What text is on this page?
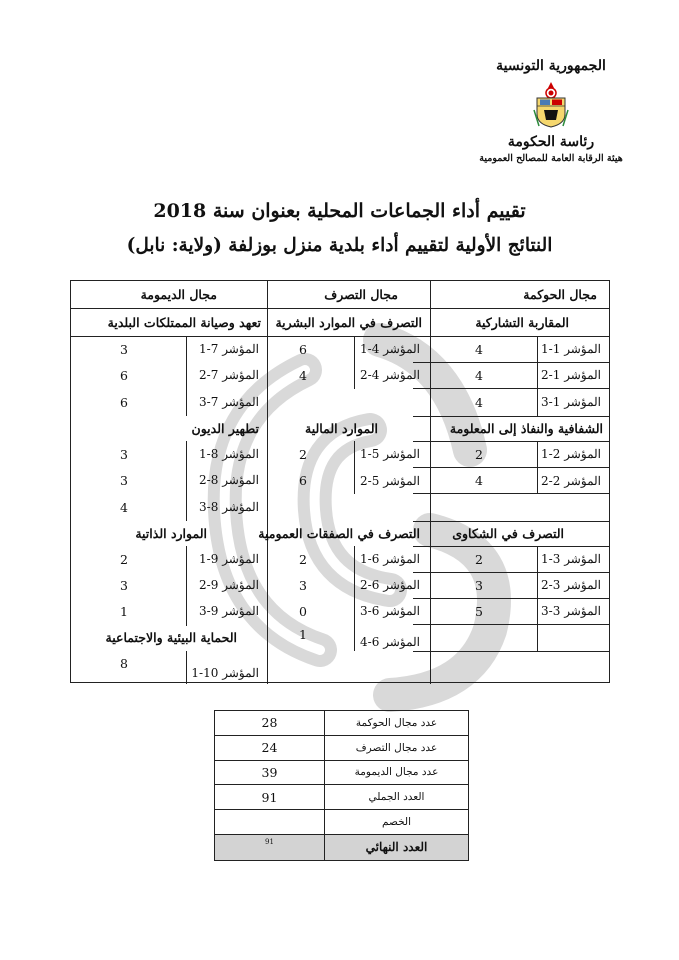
الجمهورية التونسية
رئاسة الحكومة
هيئة الرقابة العامة للمصالح العمومية
تقييم أداء الجماعات المحلية بعنوان سنة 2018
النتائج الأولية لتقييم أداء بلدية منزل بوزلفة (ولاية: نابل)
مجال الحوكمة
مجال التصرف
مجال الديمومة
المقاربة التشاركية
المؤشر 1-1
4
المؤشر 1-2
4
المؤشر 1-3
4
الشفافية والنفاذ إلى المعلومة
المؤشر 2-1
2
المؤشر 2-2
4
التصرف في الشكاوى
المؤشر 3-1
2
المؤشر 3-2
3
المؤشر 3-3
5
التصرف في الموارد البشرية
المؤشر 4-1
6
المؤشر 4-2
4
الموارد المالية
المؤشر 5-1
2
المؤشر 5-2
6
التصرف في الصفقات العمومية
المؤشر 6-1
2
المؤشر 6-2
3
المؤشر 6-3
0
المؤشر 6-4
1
تعهد وصيانة الممتلكات البلدية
المؤشر 7-1
3
المؤشر 7-2
6
المؤشر 7-3
6
تطهير الديون
المؤشر 8-1
3
المؤشر 8-2
3
المؤشر 8-3
4
الموارد الذاتية
المؤشر 9-1
2
المؤشر 9-2
3
المؤشر 9-3
1
الحماية البيئية والاجتماعية
المؤشر 10-1
8
عدد مجال الحوكمة
28
عدد مجال التصرف
24
عدد مجال الديمومة
39
العدد الجملي
91
الخصم
العدد النهائي
91
